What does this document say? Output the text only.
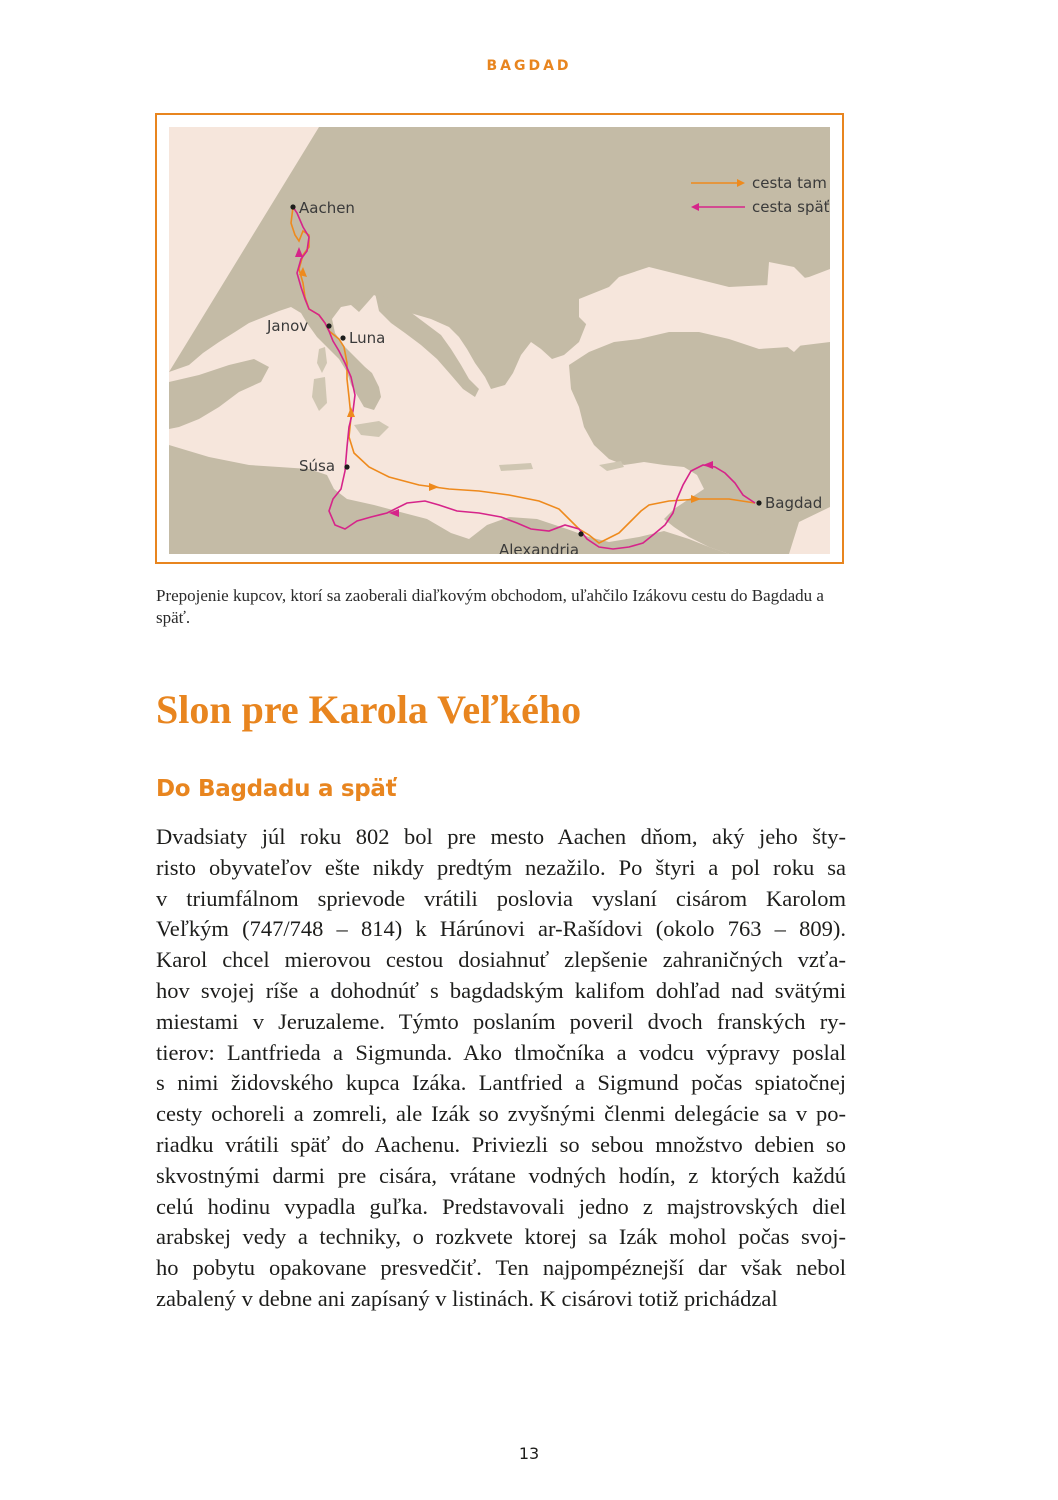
BAGDAD
Aachen
Janov
Luna
Súsa
Alexandria
Bagdad
cesta tam
cesta späť
Prepojenie kupcov, ktorí sa zaoberali diaľkovým obchodom, uľahčilo Izákovu cestu do Bagdadu a späť.
Slon pre Karola Veľkého
Do Bagdadu a späť
Dvadsiaty júl roku 802 bol pre mesto Aachen dňom, aký jeho šty-
risto obyvateľov ešte nikdy predtým nezažilo. Po štyri a pol roku sa
v triumfálnom sprievode vrátili poslovia vyslaní cisárom Karolom
Veľkým (747/748 – 814) k Hárúnovi ar-Rašídovi (okolo 763 – 809).
Karol chcel mierovou cestou dosiahnuť zlepšenie zahraničných vzťa-
hov svojej ríše a dohodnúť s bagdadským kalifom dohľad nad svätými
miestami v Jeruzaleme. Týmto poslaním poveril dvoch franských ry-
tierov: Lantfrieda a Sigmunda. Ako tlmočníka a vodcu výpravy poslal
s nimi židovského kupca Izáka. Lantfried a Sigmund počas spiatočnej
cesty ochoreli a zomreli, ale Izák so zvyšnými členmi delegácie sa v po-
riadku vrátili späť do Aachenu. Priviezli so sebou množstvo debien so
skvostnými darmi pre cisára, vrátane vodných hodín, z ktorých každú
celú hodinu vypadla guľka. Predstavovali jedno z majstrovských diel
arabskej vedy a techniky, o rozkvete ktorej sa Izák mohol počas svoj-
ho pobytu opakovane presvedčiť. Ten najpompéznejší dar však nebol
zabalený v debne ani zapísaný v listinách. K cisárovi totiž prichádzal
13
